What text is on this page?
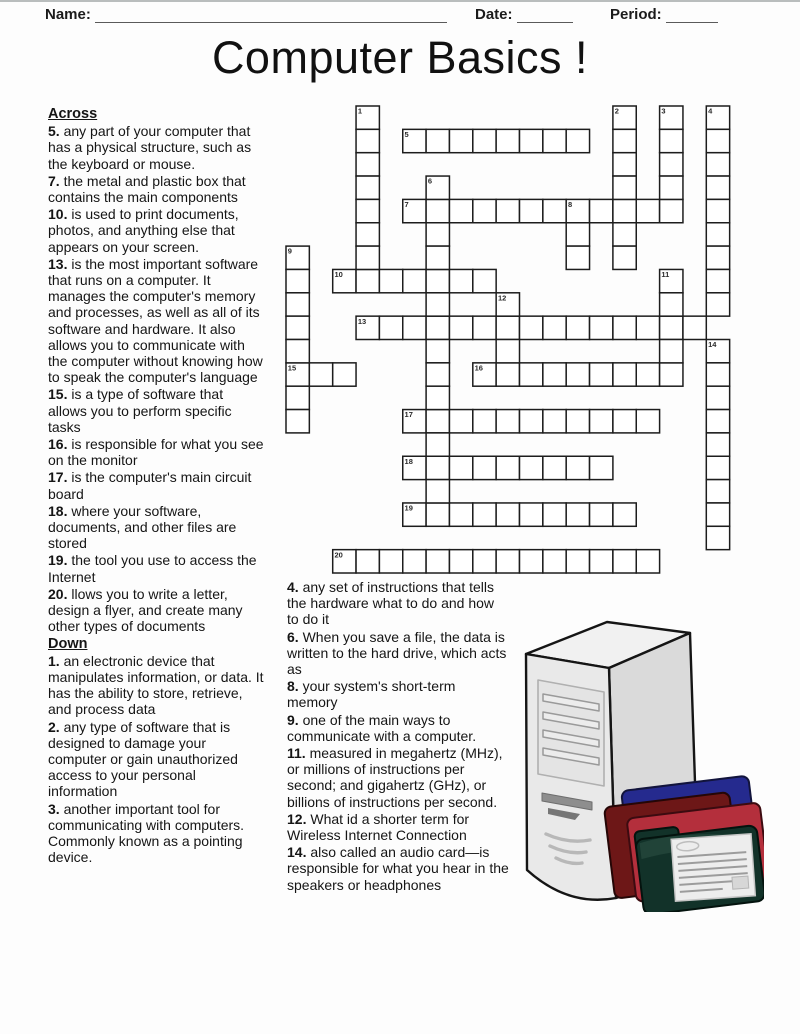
Name:	Date:	Period:
Computer Basics !

Across

5. any part of your computer that has a physical structure, such as the keyboard or mouse.

7. the metal and plastic box that contains the main components

10. is used to print documents, photos, and anything else that appears on your screen.

13. is the most important software that runs on a computer. It manages the computer's memory and processes, as well as all of its software and hardware. It also allows you to communicate with the computer without knowing how to speak the computer's language

15. is a type of software that allows you to perform specific tasks

16. is responsible for what you see on the monitor

17. is the computer's main circuit board

18. where your software, documents, and other files are stored

19. the tool you use to access the Internet

20. llows you to write a letter, design a flyer, and create many other types of documents

Down

1. an electronic device that manipulates information, or data. It has the ability to store, retrieve, and process data

2. any type of software that is designed to damage your computer or gain unauthorized access to your personal information

3. another important tool for communicating with computers. Commonly known as a pointing device.

4. any set of instructions that tells the hardware what to do and how to do it

6. When you save a file, the data is written to the hard drive, which acts as

8. your system's short-term memory

9. one of the main ways to communicate with a computer.

11. measured in megahertz (MHz), or millions of instructions per second; and gigahertz (GHz), or billions of instructions per second.

12. What id a shorter term for Wireless Internet Connection

14. also called an audio card—is responsible for what you hear in the speakers or headphones

5
7	8
10
13
15	16
17
18
19
20
1	2	3	4
6
9
11
12
14
